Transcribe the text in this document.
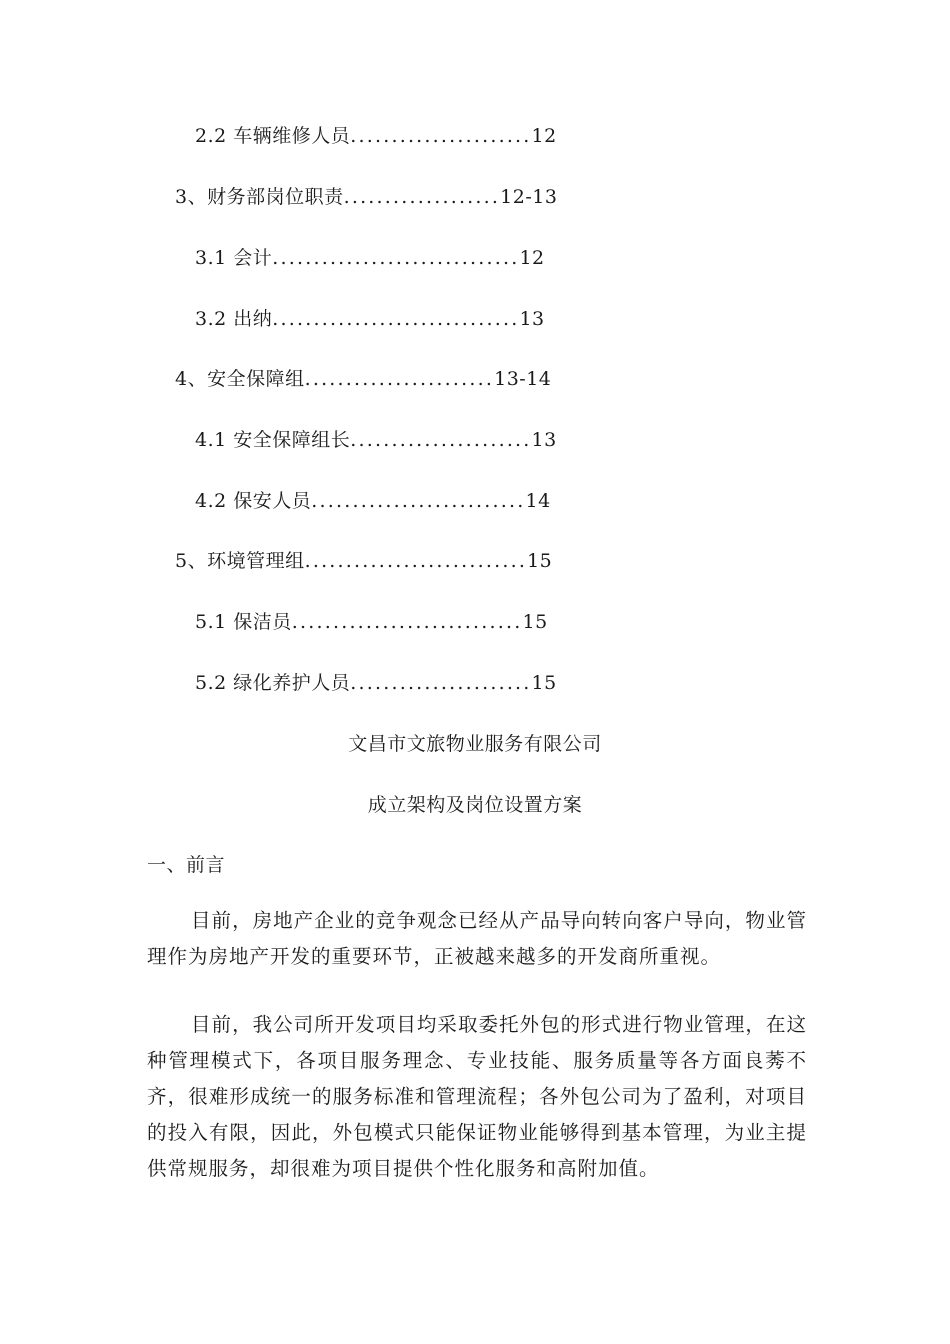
2.2 车辆维修人员......................12
3、财务部岗位职责...................12-13
3.1 会计..............................12
3.2 出纳..............................13
4、安全保障组.......................13-14
4.1 安全保障组长......................13
4.2 保安人员..........................14
5、环境管理组...........................15
5.1 保洁员............................15
5.2 绿化养护人员......................15
文昌市文旅物业服务有限公司
成立架构及岗位设置方案
一、前言

目前，房地产企业的竞争观念已经从产品导向转向客户导向，物业管理作为房地产开发的重要环节，正被越来越多的开发商所重视。

目前，我公司所开发项目均采取委托外包的形式进行物业管理，在这种管理模式下，各项目服务理念、专业技能、服务质量等各方面良莠不齐，很难形成统一的服务标准和管理流程；各外包公司为了盈利，对项目的投入有限，因此，外包模式只能保证物业能够得到基本管理，为业主提供常规服务，却很难为项目提供个性化服务和高附加值。
